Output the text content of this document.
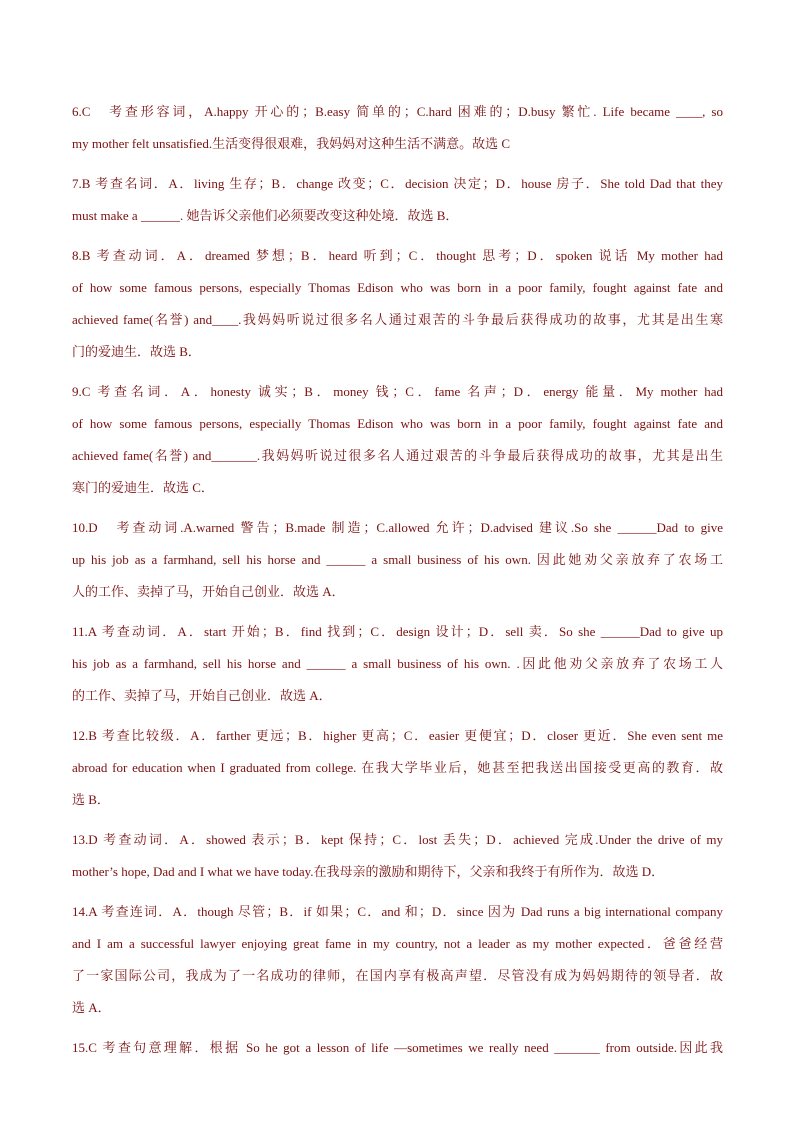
6.C　考查形容词，A.happy 开心的；B.easy 简单的；C.hard 困难的；D.busy 繁忙. Life became ____, so
my mother felt unsatisfied.生活变得很艰难，我妈妈对这种生活不满意。故选 C
7.B 考查名词．A．living 生存；B．change 改变；C．decision 决定；D．house 房子．She told Dad that they
must make a ______. 她告诉父亲他们必须要改变这种处境．故选 B．
8.B 考查动词．A．dreamed 梦想；B．heard 听到；C．thought 思考；D．spoken 说话 My mother had
of how some famous persons, especially Thomas Edison who was born in a poor family, fought against fate and
achieved fame(名誉) and____.我妈妈听说过很多名人通过艰苦的斗争最后获得成功的故事，尤其是出生寒
门的爱迪生．故选 B．
9.C 考查名词．A．honesty 诚实；B．money 钱；C．fame 名声；D．energy 能量．My mother had
of how some famous persons, especially Thomas Edison who was born in a poor family, fought against fate and
achieved fame(名誉) and_______.我妈妈听说过很多名人通过艰苦的斗争最后获得成功的故事，尤其是出生
寒门的爱迪生．故选 C．
10.D　考查动词.A.warned 警告；B.made 制造；C.allowed 允许；D.advised 建议.So she ______Dad to give
up his job as a farmhand, sell his horse and ______ a small business of his own. 因此她劝父亲放弃了农场工
人的工作、卖掉了马，开始自己创业．故选 A．
11.A 考查动词．A．start 开始；B．find 找到；C．design 设计；D．sell 卖．So she ______Dad to give up
his job as a farmhand, sell his horse and ______ a small business of his own. .因此他劝父亲放弃了农场工人
的工作、卖掉了马，开始自己创业．故选 A．
12.B 考查比较级．A．farther 更远；B．higher 更高；C．easier 更便宜；D．closer 更近．She even sent me
abroad for education when I graduated from college. 在我大学毕业后，她甚至把我送出国接受更高的教育．故
选 B．
13.D 考查动词．A．showed 表示；B．kept 保持；C．lost 丢失；D．achieved 完成.Under the drive of my
mother’s hope, Dad and I what we have today.在我母亲的激励和期待下，父亲和我终于有所作为．故选 D．
14.A 考查连词．A．though 尽管；B．if 如果；C．and 和；D．since 因为 Dad runs a big international company
and I am a successful lawyer enjoying great fame in my country, not a leader as my mother expected．爸爸经营
了一家国际公司，我成为了一名成功的律师，在国内享有极高声望．尽管没有成为妈妈期待的领导者．故
选 A．
15.C 考查句意理解．根据 So he got a lesson of life —sometimes we really need _______ from outside.因此我
